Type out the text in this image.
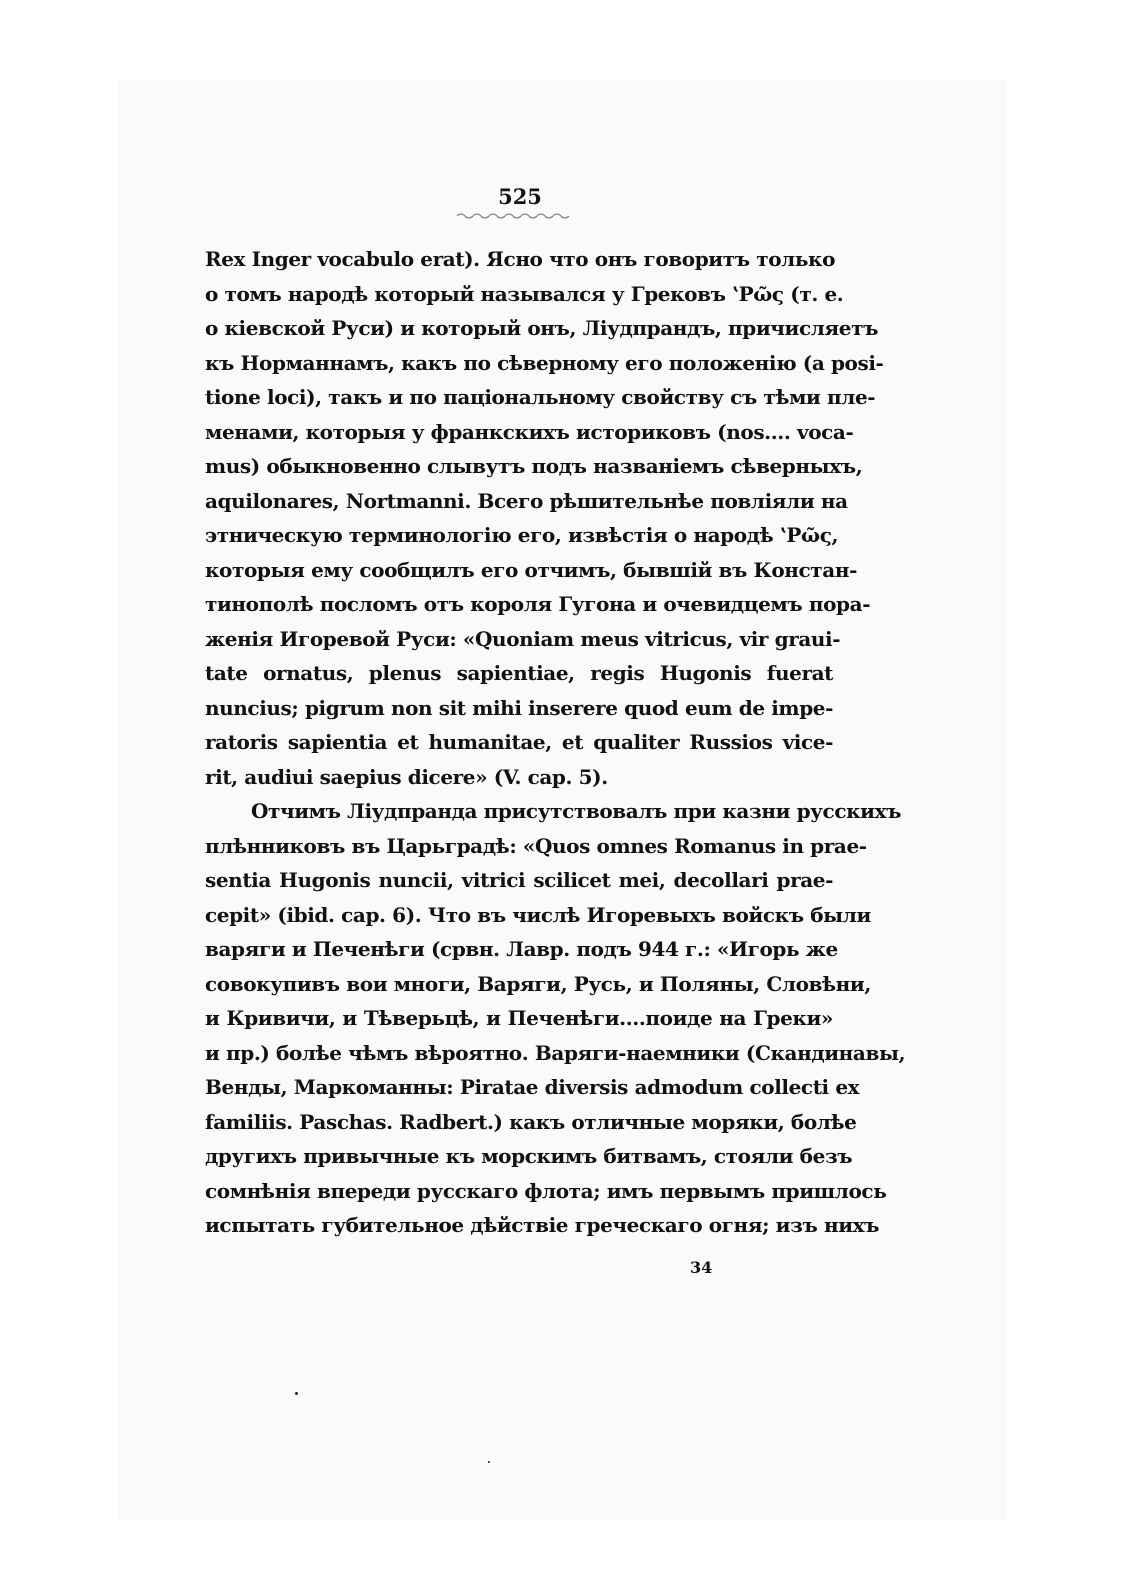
525
Rex Inger vocabulo erat). Ясно что онъ говоритъ только
о томъ народѣ который назывался у Грековъ ʽPῶς (т. е.
о кіевской Руси) и который онъ, Ліудпрандъ, причисляетъ
къ Норманнамъ, какъ по сѣверному его положенію (a posi-
tione loci), такъ и по паціональному свойству съ тѣми пле-
менами, которыя у франкскихъ историковъ (nos.... voca-
mus) обыкновенно слывутъ подъ названіемъ сѣверныхъ,
aquilonares, Nortmanni. Всего рѣшительнѣе повліяли на
этническую терминологію его, извѣстія о народѣ ʽPῶς,
которыя ему сообщилъ его отчимъ, бывшій въ Констан-
тинополѣ посломъ отъ короля Гугона и очевидцемъ пора-
женія Игоревой Руси: «Quoniam meus vitricus, vir grauі-
tate ornatus, plenus sapientiae, regis Hugonis fuerat
nuncius; pigrum non sit mihi inserere quod eum de impe-
ratoris sapientia et humanitae, et qualiter Russios vice-
rit, audiui saepius dicere» (V. cap. 5).
Отчимъ Ліудпранда присутствовалъ при казни русскихъ
плѣнниковъ въ Царьградѣ: «Quos omnes Romanus in prae-
sentia Hugonis nuncii, vitrici scilicet mei, decollari prae-
cepit» (ibid. cap. 6). Что въ числѣ Игоревыхъ войскъ были
варяги и Печенѣги (срвн. Лавр. подъ 944 г.: «Игорь же
совокупивъ вои многи, Варяги, Русь, и Поляны, Словѣни,
и Кривичи, и Тѣверьцѣ, и Печенѣги....поиде на Греки»
и пр.) болѣе чѣмъ вѣроятно. Варяги-наемники (Скандинавы,
Венды, Маркоманны: Piratae diversis admodum collecti ex
familiis. Paschas. Radbert.) какъ отличные моряки, болѣе
другихъ привычные къ морскимъ битвамъ, стояли безъ
сомнѣнія впереди русскаго флота; имъ первымъ пришлось
испытать губительное дѣйствіе греческаго огня; изъ нихъ
34
